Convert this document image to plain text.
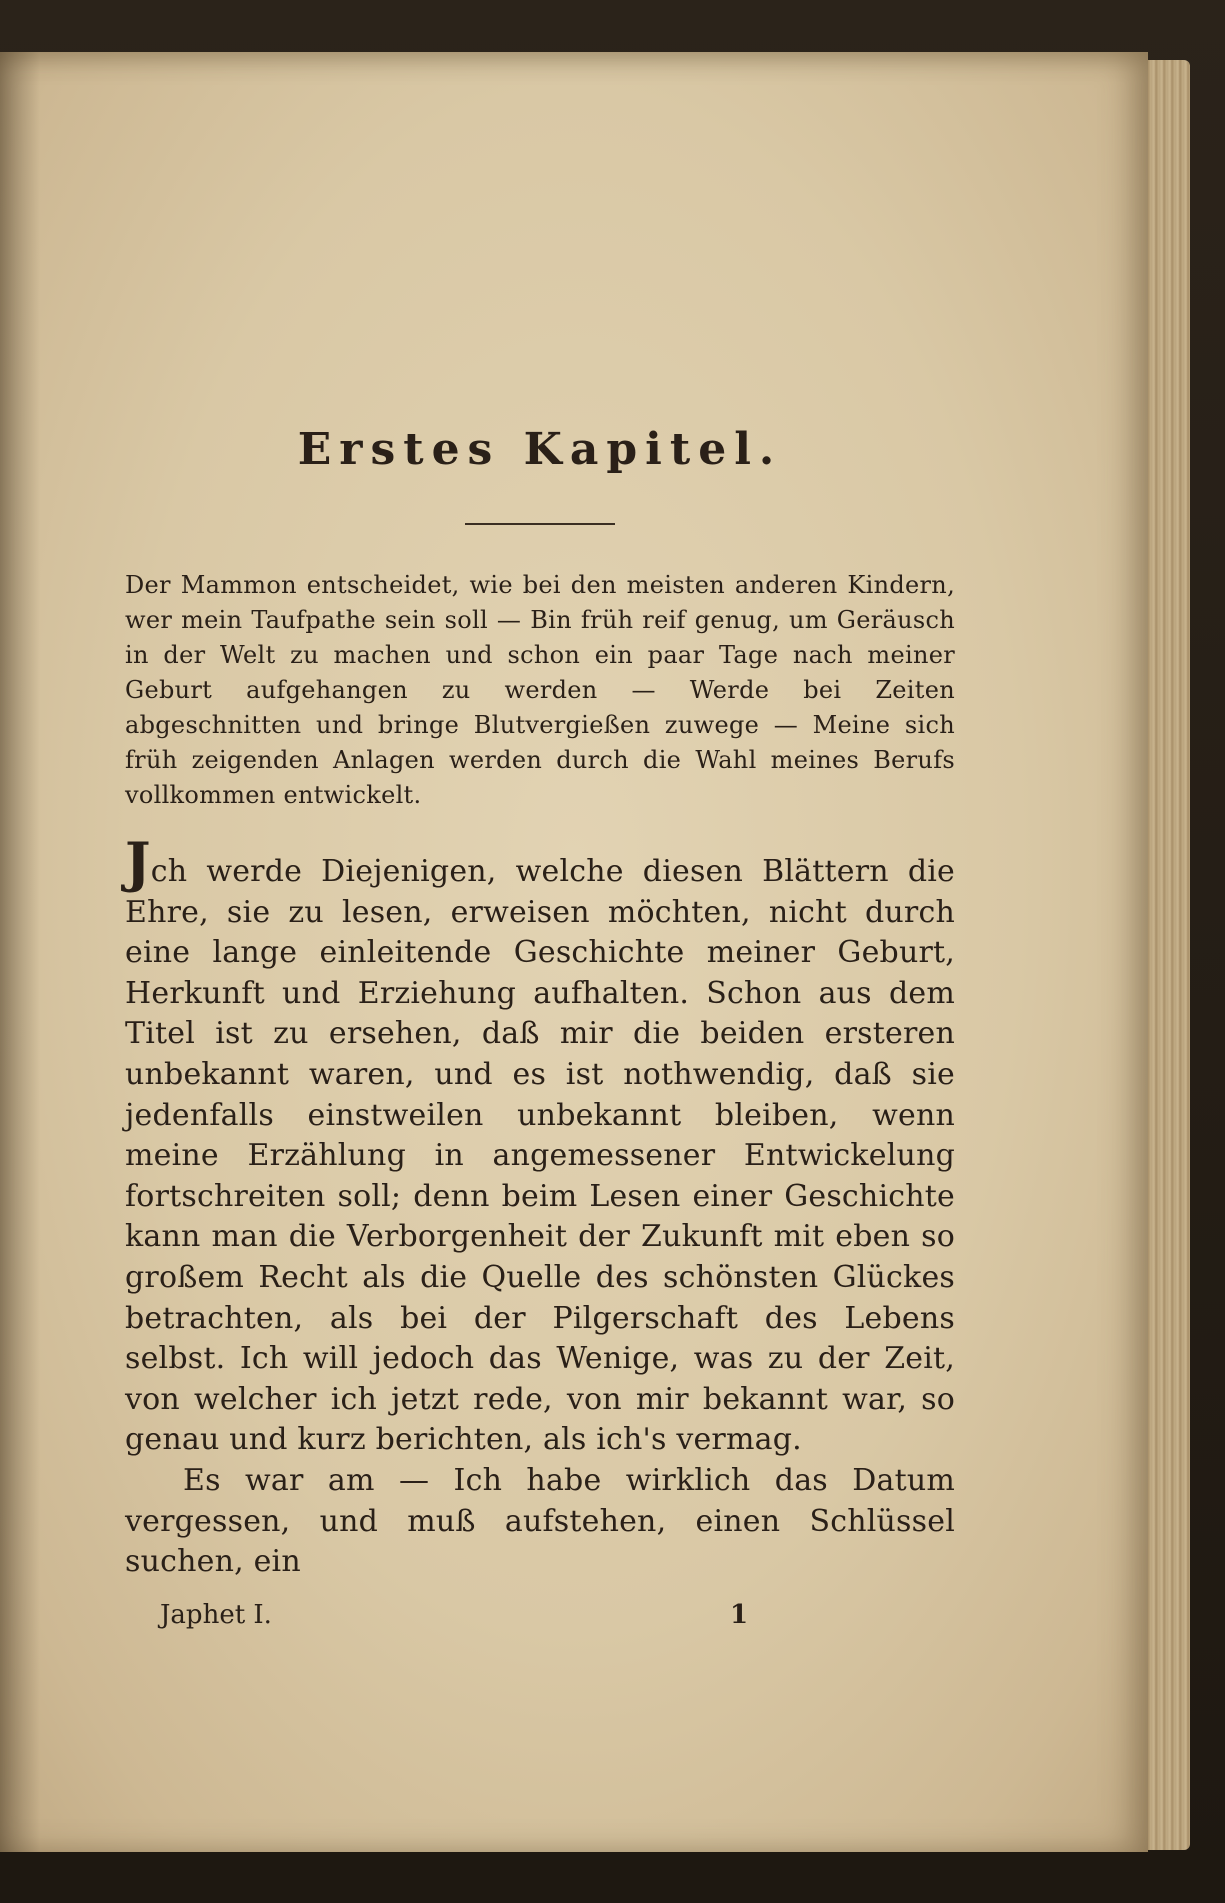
Erstes Kapitel.

Der Mammon entscheidet, wie bei den meisten anderen Kindern, wer mein Taufpathe sein soll — Bin früh reif genug, um Geräusch in der Welt zu machen und schon ein paar Tage nach meiner Geburt aufgehangen zu werden — Werde bei Zeiten abgeschnitten und bringe Blutvergießen zuwege — Meine sich früh zeigenden Anlagen werden durch die Wahl meines Berufs vollkommen entwickelt.

Jch werde Diejenigen, welche diesen Blättern die Ehre, sie zu lesen, erweisen möchten, nicht durch eine lange einleitende Geschichte meiner Geburt, Herkunft und Erziehung aufhalten. Schon aus dem Titel ist zu ersehen, daß mir die beiden ersteren unbekannt waren, und es ist nothwendig, daß sie jedenfalls einstweilen unbekannt bleiben, wenn meine Erzählung in angemessener Entwickelung fortschreiten soll; denn beim Lesen einer Geschichte kann man die Verborgenheit der Zukunft mit eben so großem Recht als die Quelle des schönsten Glückes betrachten, als bei der Pilgerschaft des Lebens selbst. Ich will jedoch das Wenige, was zu der Zeit, von welcher ich jetzt rede, von mir bekannt war, so genau und kurz berichten, als ich's vermag.

Es war am — Ich habe wirklich das Datum vergessen, und muß aufstehen, einen Schlüssel suchen, ein

Japhet I.	1
